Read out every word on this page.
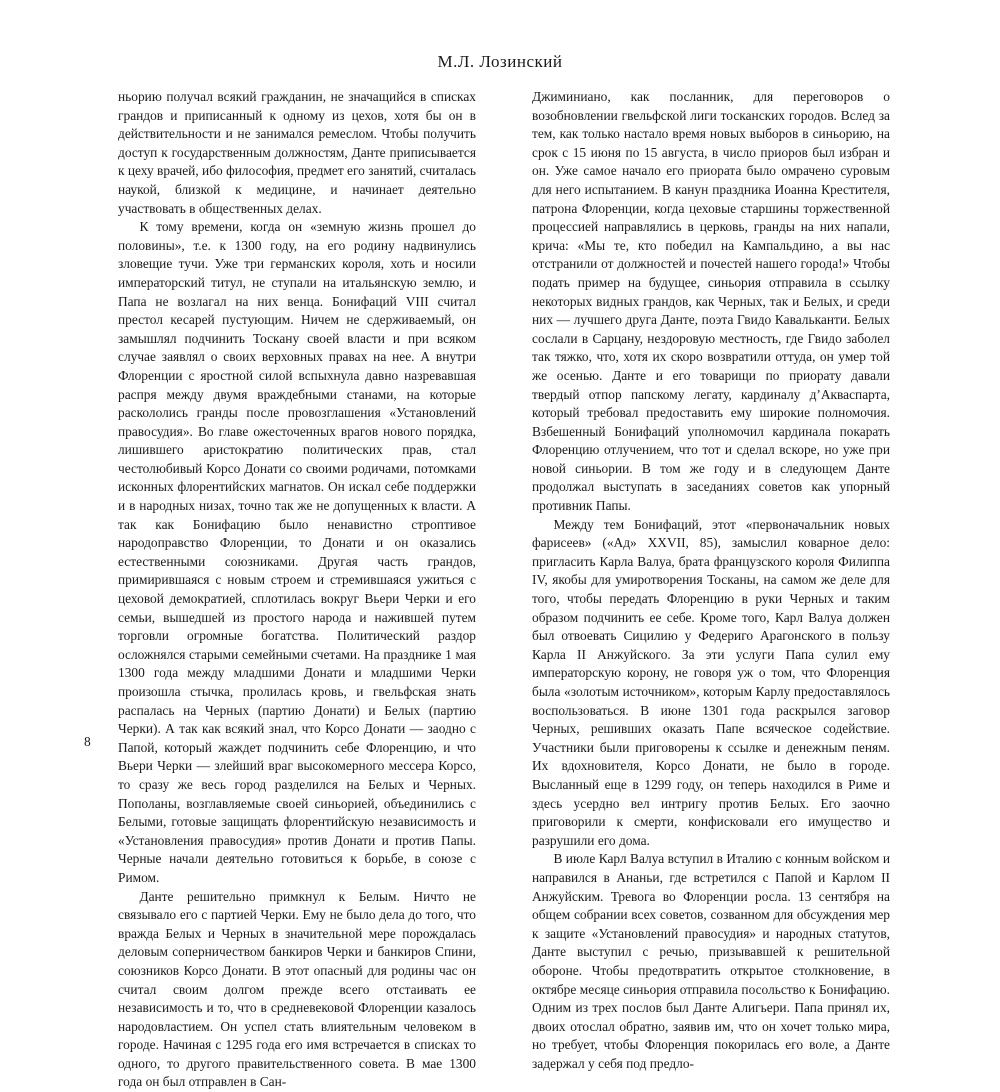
М.Л. Лозинский

ньорию получал всякий гражданин, не значащийся в списках грандов и приписанный к одному из цехов, хотя бы он в действительности и не занимался ремеслом. Чтобы получить доступ к государственным должностям, Данте приписывается к цеху врачей, ибо философия, предмет его занятий, считалась наукой, близкой к медицине, и начинает деятельно участвовать в общественных делах.

К тому времени, когда он «земную жизнь прошел до половины», т.е. к 1300 году, на его родину надвинулись зловещие тучи. Уже три германских короля, хоть и носили императорский титул, не ступали на итальянскую землю, и Папа не возлагал на них венца. Бонифаций VIII считал престол кесарей пустующим. Ничем не сдерживаемый, он замышлял подчинить Тоскану своей власти и при всяком случае заявлял о своих верховных правах на нее. А внутри Флоренции с яростной силой вспыхнула давно назревавшая распря между двумя враждебными станами, на которые раскололись гранды после провозглашения «Установлений правосудия». Во главе ожесточенных врагов нового порядка, лишившего аристократию политических прав, стал честолюбивый Корсо Донати со своими родичами, потомками исконных флорентийских магнатов. Он искал себе поддержки и в народных низах, точно так же не допущенных к власти. А так как Бонифацию было ненавистно строптивое народоправство Флоренции, то Донати и он оказались естественными союзниками. Другая часть грандов, примирившаяся с новым строем и стремившаяся ужиться с цеховой демократией, сплотилась вокруг Вьери Черки и его семьи, вышедшей из простого народа и нажившей путем торговли огромные богатства. Политический раздор осложнялся старыми семейными счетами. На празднике 1 мая 1300 года между младшими Донати и младшими Черки произошла стычка, пролилась кровь, и гвельфская знать распалась на Черных (партию Донати) и Белых (партию Черки). А так как всякий знал, что Корсо Донати — заодно с Папой, который жаждет подчинить себе Флоренцию, и что Вьери Черки — злейший враг высокомерного мессера Корсо, то сразу же весь город разделился на Белых и Черных. Пополаны, возглавляемые своей синьорией, объединились с Белыми, готовые защищать флорентийскую независимость и «Установления правосудия» против Донати и против Папы. Черные начали деятельно готовиться к борьбе, в союзе с Римом.

Данте решительно примкнул к Белым. Ничто не связывало его с партией Черки. Ему не было дела до того, что вражда Белых и Черных в значительной мере порождалась деловым соперничеством банкиров Черки и банкиров Спини, союзников Корсо Донати. В этот опасный для родины час он считал своим долгом прежде всего отстаивать ее независимость и то, что в средневековой Флоренции казалось народовластием. Он успел стать влиятельным человеком в городе. Начиная с 1295 года его имя встречается в списках то одного, то другого правительственного совета. В мае 1300 года он был отправлен в Сан-

Джиминиано, как посланник, для переговоров о возобновлении гвельфской лиги тосканских городов. Вслед за тем, как только настало время новых выборов в синьорию, на срок с 15 июня по 15 августа, в число приоров был избран и он. Уже самое начало его приората было омрачено суровым для него испытанием. В канун праздника Иоанна Крестителя, патрона Флоренции, когда цеховые старшины торжественной процессией направлялись в церковь, гранды на них напали, крича: «Мы те, кто победил на Кампальдино, а вы нас отстранили от должностей и почестей нашего города!» Чтобы подать пример на будущее, синьория отправила в ссылку некоторых видных грандов, как Черных, так и Белых, и среди них — лучшего друга Данте, поэта Гвидо Кавальканти. Белых сослали в Сарцану, нездоровую местность, где Гвидо заболел так тяжко, что, хотя их скоро возвратили оттуда, он умер той же осенью. Данте и его товарищи по приорату давали твердый отпор папскому легату, кардиналу д’Акваспарта, который требовал предоставить ему широкие полномочия. Взбешенный Бонифаций уполномочил кардинала покарать Флоренцию отлучением, что тот и сделал вскоре, но уже при новой синьории. В том же году и в следующем Данте продолжал выступать в заседаниях советов как упорный противник Папы.

Между тем Бонифаций, этот «первоначальник новых фарисеев» («Ад» XXVII, 85), замыслил коварное дело: пригласить Карла Валуа, брата французского короля Филиппа IV, якобы для умиротворения Тосканы, на самом же деле для того, чтобы передать Флоренцию в руки Черных и таким образом подчинить ее себе. Кроме того, Карл Валуа должен был отвоевать Сицилию у Федериго Арагонского в пользу Карла II Анжуйского. За эти услуги Папа сулил ему императорскую корону, не говоря уж о том, что Флоренция была «золотым источником», которым Карлу предоставлялось воспользоваться. В июне 1301 года раскрылся заговор Черных, решивших оказать Папе всяческое содействие. Участники были приговорены к ссылке и денежным пеням. Их вдохновителя, Корсо Донати, не было в городе. Высланный еще в 1299 году, он теперь находился в Риме и здесь усердно вел интригу против Белых. Его заочно приговорили к смерти, конфисковали его имущество и разрушили его дома.

В июле Карл Валуа вступил в Италию с конным войском и направился в Ананьи, где встретился с Папой и Карлом II Анжуйским. Тревога во Флоренции росла. 13 сентября на общем собрании всех советов, созванном для обсуждения мер к защите «Установлений правосудия» и народных статутов, Данте выступил с речью, призывавшей к решительной обороне. Чтобы предотвратить открытое столкновение, в октябре месяце синьория отправила посольство к Бонифацию. Одним из трех послов был Данте Алигьери. Папа принял их, двоих отослал обратно, заявив им, что он хочет только мира, но требует, чтобы Флоренция покорилась его воле, а Данте задержал у себя под предло-

8
